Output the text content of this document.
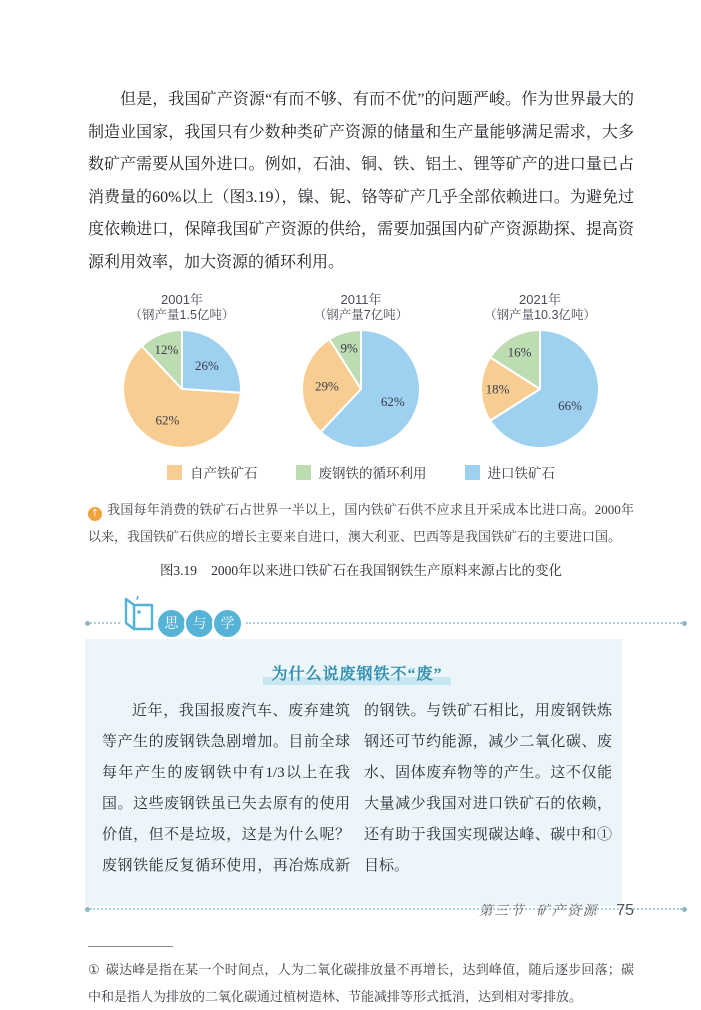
但是，我国矿产资源“有而不够、有而不优”的问题严峻。作为世界最大的制造业国家，我国只有少数种类矿产资源的储量和生产量能够满足需求，大多数矿产需要从国外进口。例如，石油、铜、铁、铝土、锂等矿产的进口量已占消费量的60%以上（图3.19），镍、铌、铬等矿产几乎全部依赖进口。为避免过度依赖进口，保障我国矿产资源的供给，需要加强国内矿产资源勘探、提高资源利用效率，加大资源的循环利用。

2001年
（钢产量1.5亿吨）
26%
62%
12%
2011年
（钢产量7亿吨）
62%
29%
9%
2021年
（钢产量10.3亿吨）
66%
18%
16%
自产铁矿石	废钢铁的循环利用	进口铁矿石

↑ 我国每年消费的铁矿石占世界一半以上，国内铁矿石供不应求且开采成本比进口高。2000年以来，我国铁矿石供应的增长主要来自进口，澳大利亚、巴西等是我国铁矿石的主要进口国。

图3.19 2000年以来进口铁矿石在我国钢铁生产原料来源占比的变化

思	与	学

为什么说废钢铁不“废”

近年，我国报废汽车、废弃建筑等产生的废钢铁急剧增加。目前全球每年产生的废钢铁中有1/3以上在我国。这些废钢铁虽已失去原有的使用价值，但不是垃圾，这是为什么呢？废钢铁能反复循环使用，再冶炼成新的钢铁。与铁矿石相比，用废钢铁炼钢还可节约能源，减少二氧化碳、废水、固体废弃物等的产生。这不仅能大量减少我国对进口铁矿石的依赖，还有助于我国实现碳达峰、碳中和①目标。

① 碳达峰是指在某一个时间点，人为二氧化碳排放量不再增长，达到峰值，随后逐步回落；碳中和是指人为排放的二氧化碳通过植树造林、节能减排等形式抵消，达到相对零排放。

第三节 矿产资源 75
